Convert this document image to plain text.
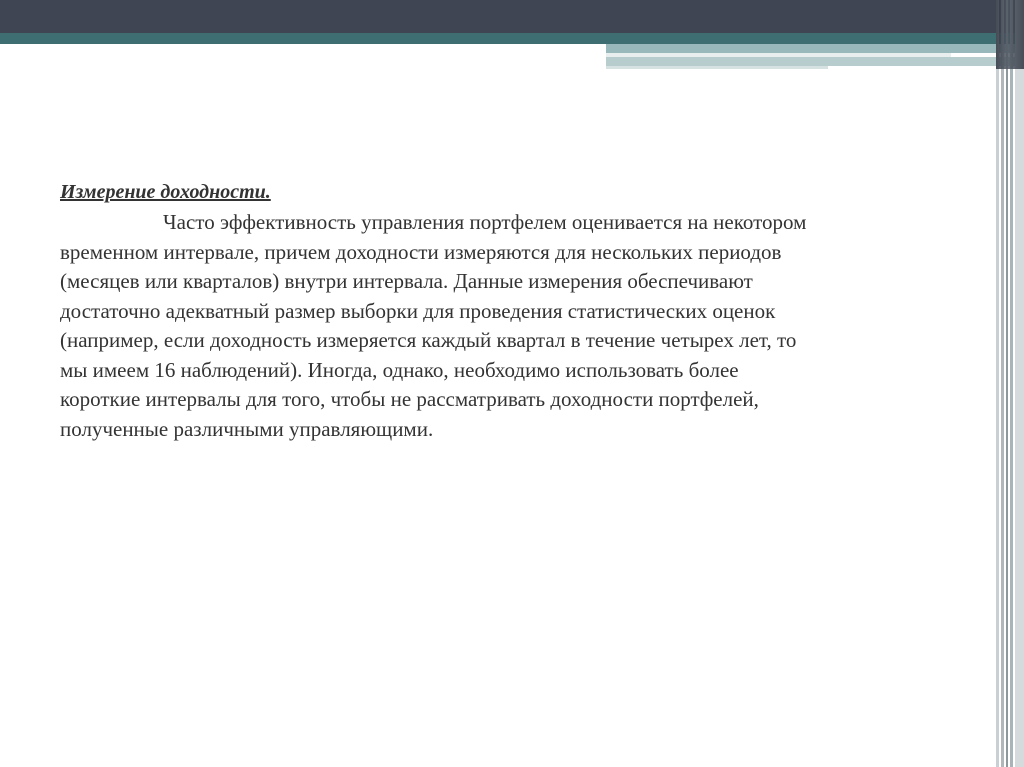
Измерение доходности.

Часто эффективность управления портфелем оценивается на некотором
временном интервале, причем доходности измеряются для нескольких периодов
(месяцев или кварталов) внутри интервала. Данные измерения обеспечивают
достаточно адекватный размер выборки для проведения статистических оценок
(например, если доходность измеряется каждый квартал в течение четырех лет, то
мы имеем 16 наблюдений). Иногда, однако, необходимо использовать более
короткие интервалы для того, чтобы не рассматривать доходности портфелей,
полученные различными управляющими.
